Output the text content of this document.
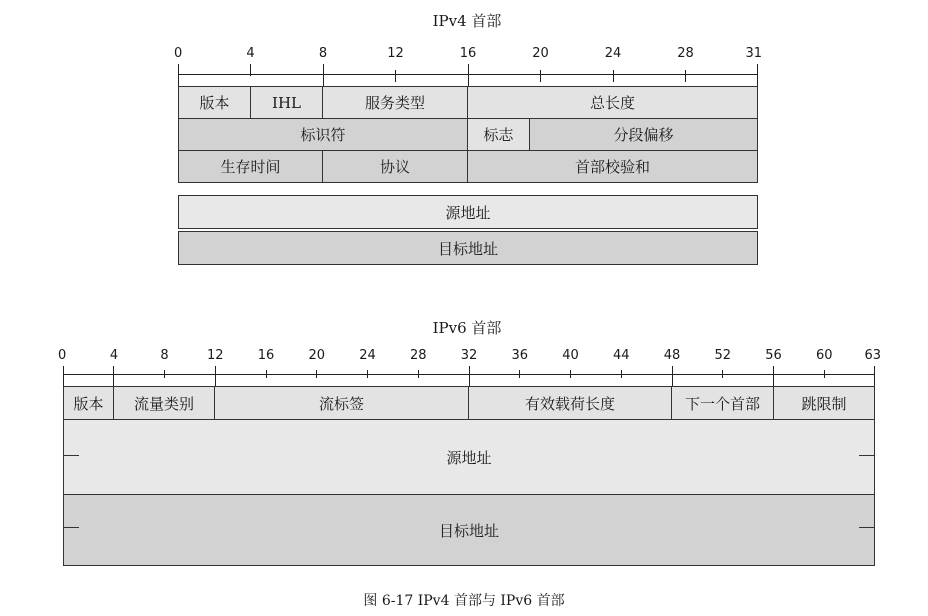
IPv4 首部
0	4	8	12	16	20	24	28	31
版本	IHL	服务类型	总长度
标识符	标志	分段偏移
生存时间	协议	首部校验和
源地址
目标地址
IPv6 首部
0	4	8	12	16	20	24	28	32	36	40	44	48	52	56	60 63
版本	流量类别	流标签	有效载荷长度	下一个首部	跳限制
源地址
目标地址
图 6-17 IPv4 首部与 IPv6 首部
